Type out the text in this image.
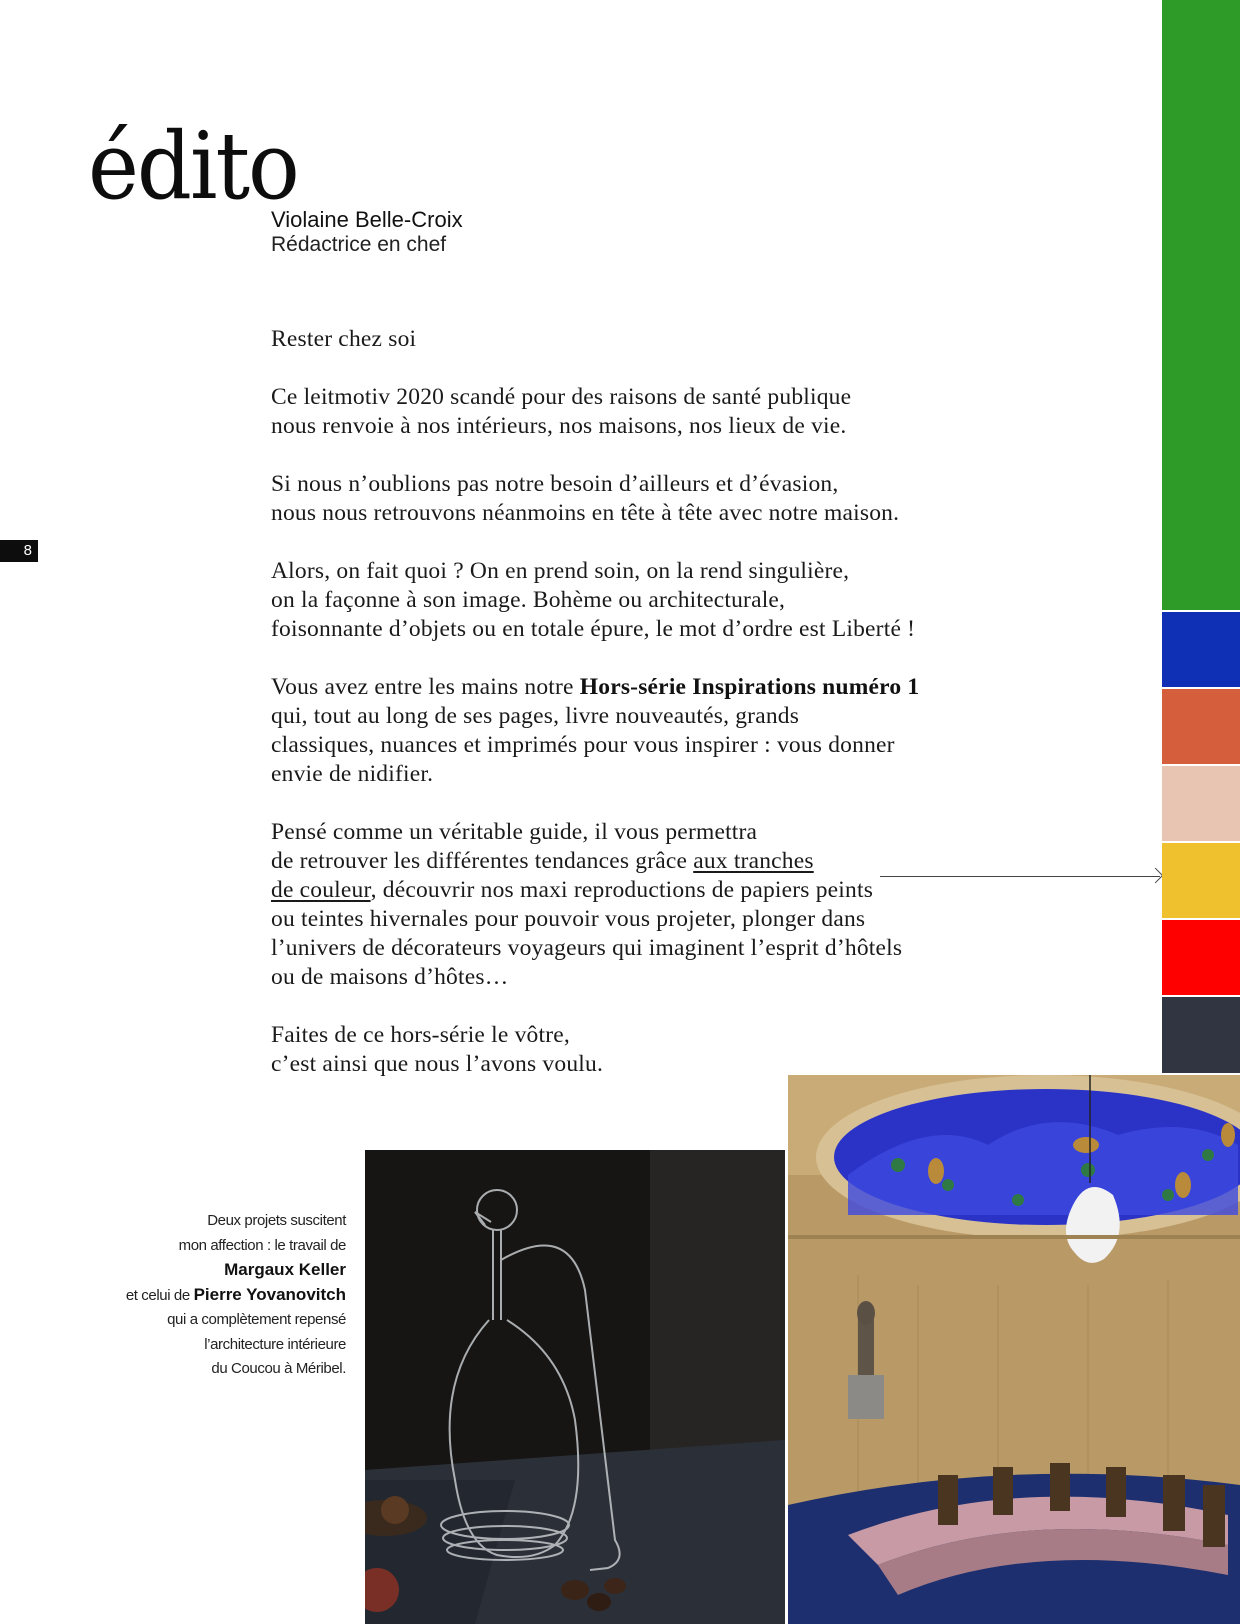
édito
Violaine Belle-Croix
Rédactrice en chef
8

Rester chez soi

Ce leitmotiv 2020 scandé pour des raisons de santé publique
nous renvoie à nos intérieurs, nos maisons, nos lieux de vie.

Si nous n’oublions pas notre besoin d’ailleurs et d’évasion,
nous nous retrouvons néanmoins en tête à tête avec notre maison.

Alors, on fait quoi ? On en prend soin, on la rend singulière,
on la façonne à son image. Bohème ou architecturale,
foisonnante d’objets ou en totale épure, le mot d’ordre est Liberté !

Vous avez entre les mains notre Hors-série Inspirations numéro 1
qui, tout au long de ses pages, livre nouveautés, grands
classiques, nuances et imprimés pour vous inspirer : vous donner
envie de nidifier.

Pensé comme un véritable guide, il vous permettra
de retrouver les différentes tendances grâce aux tranches
de couleur, découvrir nos maxi reproductions de papiers peints
ou teintes hivernales pour pouvoir vous projeter, plonger dans
l’univers de décorateurs voyageurs qui imaginent l’esprit d’hôtels
ou de maisons d’hôtes…

Faites de ce hors-série le vôtre,
c’est ainsi que nous l’avons voulu.

Deux projets suscitent
mon affection : le travail de
Margaux Keller
et celui de Pierre Yovanovitch
qui a complètement repensé
l’architecture intérieure
du Coucou à Méribel.
